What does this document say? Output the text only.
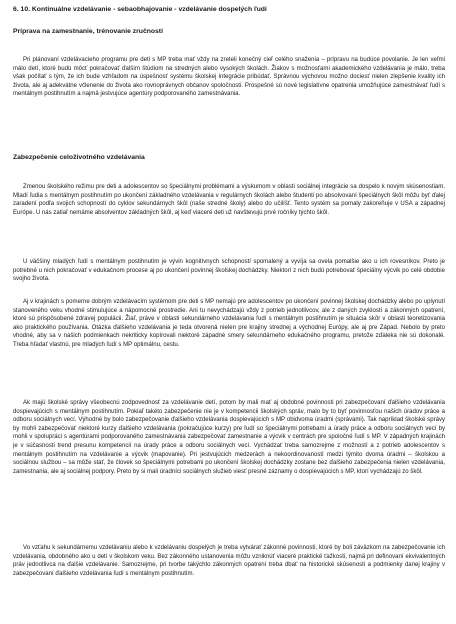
6. 10. Kontinuálne vzdelávanie - sebaobhajovanie - vzdelávanie dospelých ľudí
Príprava na zamestnanie, trénovanie zručností
Pri plánovaní vzdelávacieho programu pre deti s MP treba mať vždy na zreteli konečný cieľ celého snaženia – prípravu na budúce povolanie. Je len veľmi málo detí, ktoré budú môcť pokračovať ďalším štúdiom na stredných alebo vysokých školách. Žiakov s možnosťami akademického vzdelávania je málo, treba však počítať s tým, že ich bude vzhľadom na úspešnosť systému školskej integrácie pribúdať. Správnou výchovou možno dociesť nielen zlepšenie kvality ich života, ale aj adekvátne včlenenie do života ako rovnoprávnych občanov spoločnosti. Prospešné sú nové legislatívne opatrenia umožňujúce zamestnávať ľudí s mentálnym postihnutím a najmä jestvujúce agentúry podporovaného zamestnávania.
Zabezpečenie celoživotného vzdelávania
Zmenou školského režimu pre deti a adolescentov so špeciálnymi problémami a výskumom v oblasti sociálnej integrácie sa dospelo k novým skúsenostiam. Mladí ľudia s mentálnym postihnutím po ukončení základného vzdelávania v regulárnych školách alebo študenti po absolvovaní špeciálnych škôl môžu byť ďalej zaradení podľa svojich schopností do cyklov sekundárnych škôl (naše stredné školy) alebo do učilíšť. Tento systém sa pomaly zakoreňuje v USA a západnej Európe. U nás zatiaľ nemáme absolventov základných škôl, aj keď viaceré deti už navštevujú prvé ročníky týchto škôl.
U väčšiny mladých ľudí s mentálnym postihnutím je vývin kognitívnych schopností spomalený a vyvíja sa ovela pomalšie ako u ich rovesníkov. Preto je potrebné u nich pokračovať v edukačnom procese aj po ukončení povinnej školskej dochádzky. Niektorí z nich budú potrebovať špeciálny výcvik po celé obdobie svojho života.
Aj v krajinách s pomerne dobrým vzdelávacím systémom pre deti s MP nemajú pre adolescentov po ukončení povinnej školskej dochádzky alebo po uplynutí stanoveného veku vhodné stimulujúce a nápomocné prostredie. Ani tu nevychádzajú vždy z potrieb jednotlivcov, ale z daných zvyklostí a zákonných opatrení, ktoré sú prispôsobené zdravej populácii. Žiaľ, práve v oblasti sekundárneho vzdelávania ľudí s mentálnym postihnutím je situácia skôr v oblasti teoretizovania ako praktického používania. Otázka ďalšieho vzdelávania je teda otvorená nielen pre krajiny strednej a východnej Európy, ale aj pre Západ. Nebolo by preto vhodné, aby sa v našich podmienkach nekriticky kopírovali niektoré západné smery sekundárneho edukačného programu, pretože zďaleka nie sú dokonalé. Treba hľadať vlastnú, pre mladých ľudí s MP optimálnu, cestu.
Ak majú školské správy všeobecnú zodpovednosť za vzdelávanie detí, potom by mali mať aj obdobné povinnosti pri zabezpečovaní ďalšieho vzdelávania dospievajúcich s mentálnym postihnutím. Pokiaľ takéto zabezpečenie nie je v kompetencii školských správ, malo by to byť povinnosťou našich úradov práce a odboru sociálnych vecí. Výhodné by bolo zabezpečovanie ďalšieho vzdelávania dospievajúcich s MP obidvoma úradmi (správami). Tak napríklad školské správy by mohli zabezpečovať niektoré kurzy ďalšieho vzdelávania (pokračujúce kurzy) pre ľudí so špeciálnymi potrebami a úrady práce a odboru sociálnych vecí by mohli v spolupráci s agentúrami podporovaného zamestnávania zabezpečovať zamestnanie a výcvik v centrách pre spoločné ľudí s MP. V západných krajinách je v súčasnosti trend presunu kompetencií na úrady práce a odboru sociálnych vecí. Vychádzať treba samozrejme z možností a z potrieb adolescentov s mentálnym postihnutím na vzdelávanie a výcvik (mapovanie). Pri jestvujúcich medzerách a nekoordinovaností medzi týmito dvoma úradmi – školskou a sociálnou službou – sa môže stať, že človek so špeciálnymi potrebami po ukončení školskej dochádzky zostane bez ďalšieho zabezpečenia nielen vzdelávania, zamestnania, ale aj sociálnej podpory. Preto by si mali úradníci sociálnych služieb viesť presné záznamy o dospievajúcich s MP, ktorí vychádzajú zo škôl.
Vo vzťahu k sekundárnemu vzdelávaniu alebo k vzdelávaniu dospelých je treba vytvárať zákonné povinnosti, ktoré by boli záväzkom na zabezpečovanie ich vzdelávania, obdobného ako u detí v školskom veku. Bez zákonného ustanovenia môžu vzniknúť viaceré praktické ťažkosti, najmä pri definovaní ekvivalentných práv jednotlivca na ďalšie vzdelávanie. Samozrejme, pri tvorbe takýchto zákonných opatrení treba dbať na historické skúsenosti a podmienky danej krajiny v zabezpečovaní ďalšieho vzdelávania ľudí s mentálnym postihnutím.
